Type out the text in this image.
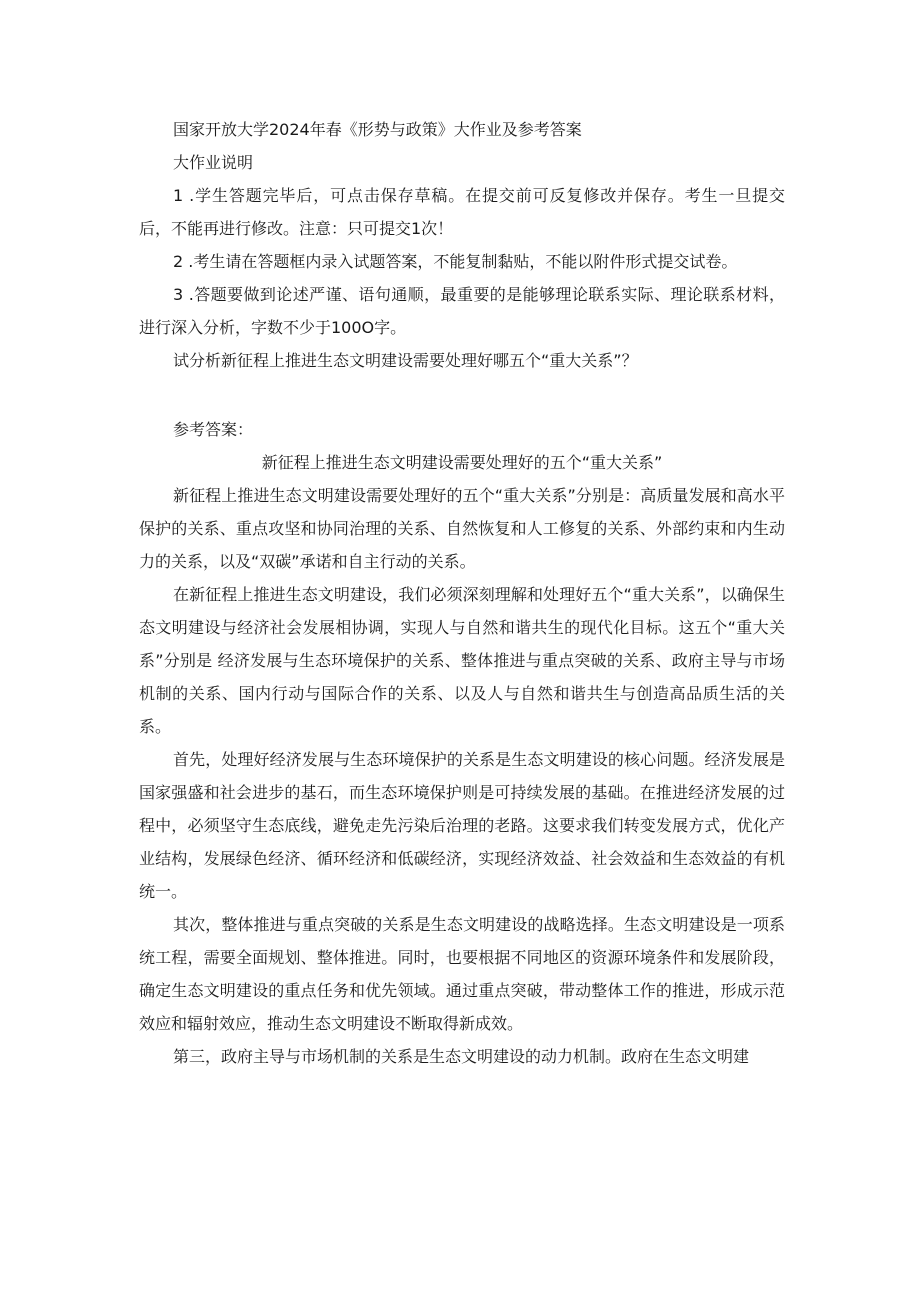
国家开放大学2024年春《形势与政策》大作业及参考答案

大作业说明

1 .学生答题完毕后，可点击保存草稿。在提交前可反复修改并保存。考生一旦提交后，不能再进行修改。注意：只可提交1次！

2 .考生请在答题框内录入试题答案，不能复制黏贴，不能以附件形式提交试卷。

3 .答题要做到论述严谨、语句通顺，最重要的是能够理论联系实际、理论联系材料，进行深入分析，字数不少于100O字。

试分析新征程上推进生态文明建设需要处理好哪五个“重大关系”？

参考答案：

新征程上推进生态文明建设需要处理好的五个“重大关系”

新征程上推进生态文明建设需要处理好的五个“重大关系”分别是：高质量发展和高水平保护的关系、重点攻坚和协同治理的关系、自然恢复和人工修复的关系、外部约束和内生动力的关系，以及“双碳”承诺和自主行动的关系。

在新征程上推进生态文明建设，我们必须深刻理解和处理好五个“重大关系”，以确保生态文明建设与经济社会发展相协调，实现人与自然和谐共生的现代化目标。这五个“重大关系”分别是 经济发展与生态环境保护的关系、整体推进与重点突破的关系、政府主导与市场机制的关系、国内行动与国际合作的关系、以及人与自然和谐共生与创造高品质生活的关系。

首先，处理好经济发展与生态环境保护的关系是生态文明建设的核心问题。经济发展是国家强盛和社会进步的基石，而生态环境保护则是可持续发展的基础。在推进经济发展的过程中，必须坚守生态底线，避免走先污染后治理的老路。这要求我们转变发展方式，优化产业结构，发展绿色经济、循环经济和低碳经济，实现经济效益、社会效益和生态效益的有机统一。

其次，整体推进与重点突破的关系是生态文明建设的战略选择。生态文明建设是一项系统工程，需要全面规划、整体推进。同时，也要根据不同地区的资源环境条件和发展阶段，确定生态文明建设的重点任务和优先领域。通过重点突破，带动整体工作的推进，形成示范效应和辐射效应，推动生态文明建设不断取得新成效。

第三，政府主导与市场机制的关系是生态文明建设的动力机制。政府在生态文明建
